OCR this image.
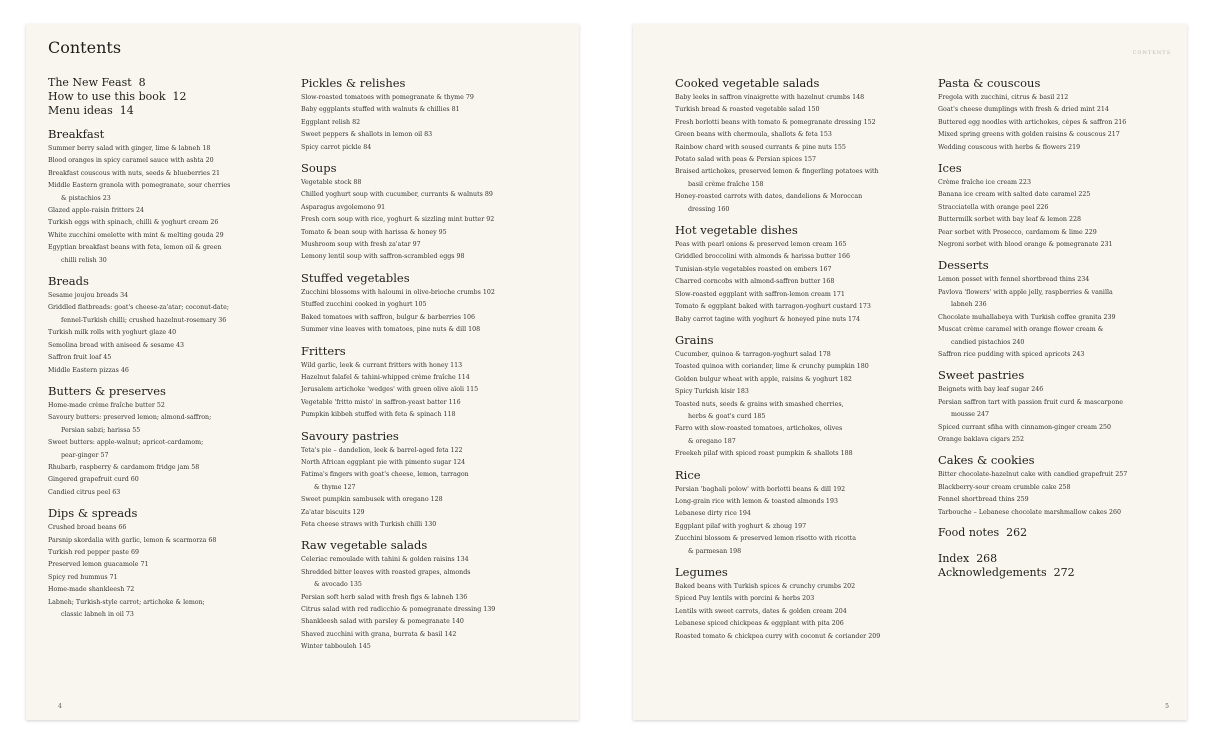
Contents
The New Feast 8
How to use this book 12
Menu ideas 14
Breakfast
Summer berry salad with ginger, lime & labneh 18
Blood oranges in spicy caramel sauce with ashta 20
Breakfast couscous with nuts, seeds & blueberries 21
Middle Eastern granola with pomegranate, sour cherries
& pistachios 23
Glazed apple-raisin fritters 24
Turkish eggs with spinach, chilli & yoghurt cream 26
White zucchini omelette with mint & melting gouda 29
Egyptian breakfast beans with feta, lemon oil & green
chilli relish 30
Breads
Sesame joujou breads 34
Griddled flatbreads: goat's cheese-za'atar; coconut-date;
fennel-Turkish chilli; crushed hazelnut-rosemary 36
Turkish milk rolls with yoghurt glaze 40
Semolina bread with aniseed & sesame 43
Saffron fruit loaf 45
Middle Eastern pizzas 46
Butters & preserves
Home-made crème fraîche butter 52
Savoury butters: preserved lemon; almond-saffron;
Persian sabzi; harissa 55
Sweet butters: apple-walnut; apricot-cardamom;
pear-ginger 57
Rhubarb, raspberry & cardamom fridge jam 58
Gingered grapefruit curd 60
Candied citrus peel 63
Dips & spreads
Crushed broad beans 66
Parsnip skordalia with garlic, lemon & scarmorza 68
Turkish red pepper paste 69
Preserved lemon guacamole 71
Spicy red hummus 71
Home-made shankleesh 72
Labneh; Turkish-style carrot; artichoke & lemon;
classic labneh in oil 73
Pickles & relishes
Slow-roasted tomatoes with pomegranate & thyme 79
Baby eggplants stuffed with walnuts & chillies 81
Eggplant relish 82
Sweet peppers & shallots in lemon oil 83
Spicy carrot pickle 84
Soups
Vegetable stock 88
Chilled yoghurt soup with cucumber, currants & walnuts 89
Asparagus avgolemono 91
Fresh corn soup with rice, yoghurt & sizzling mint butter 92
Tomato & bean soup with harissa & honey 95
Mushroom soup with fresh za'atar 97
Lemony lentil soup with saffron-scrambled eggs 98
Stuffed vegetables
Zucchini blossoms with haloumi in olive-brioche crumbs 102
Stuffed zucchini cooked in yoghurt 105
Baked tomatoes with saffron, bulgur & barberries 106
Summer vine leaves with tomatoes, pine nuts & dill 108
Fritters
Wild garlic, leek & currant fritters with honey 113
Hazelnut falafel & tahini-whipped crème fraîche 114
Jerusalem artichoke 'wedges' with green olive aïoli 115
Vegetable 'fritto misto' in saffron-yeast batter 116
Pumpkin kibbeh stuffed with feta & spinach 118
Savoury pastries
Teta's pie – dandelion, leek & barrel-aged feta 122
North African eggplant pie with pimento sugar 124
Fatima's fingers with goat's cheese, lemon, tarragon
& thyme 127
Sweet pumpkin sambusek with oregano 128
Za'atar biscuits 129
Feta cheese straws with Turkish chilli 130
Raw vegetable salads
Celeriac remoulade with tahini & golden raisins 134
Shredded bitter leaves with roasted grapes, almonds
& avocado 135
Persian soft herb salad with fresh figs & labneh 136
Citrus salad with red radicchio & pomegranate dressing 139
Shankleesh salad with parsley & pomegranate 140
Shaved zucchini with grana, burrata & basil 142
Winter tabbouleh 145
4
CONTENTS
Cooked vegetable salads
Baby leeks in saffron vinaigrette with hazelnut crumbs 148
Turkish bread & roasted vegetable salad 150
Fresh borlotti beans with tomato & pomegranate dressing 152
Green beans with chermoula, shallots & feta 153
Rainbow chard with soused currants & pine nuts 155
Potato salad with peas & Persian spices 157
Braised artichokes, preserved lemon & fingerling potatoes with
basil crème fraîche 158
Honey-roasted carrots with dates, dandelions & Moroccan
dressing 160
Hot vegetable dishes
Peas with pearl onions & preserved lemon cream 165
Griddled broccolini with almonds & harissa butter 166
Tunisian-style vegetables roasted on embers 167
Charred corncobs with almond-saffron butter 168
Slow-roasted eggplant with saffron-lemon cream 171
Tomato & eggplant baked with tarragon-yoghurt custard 173
Baby carrot tagine with yoghurt & honeyed pine nuts 174
Grains
Cucumber, quinoa & tarragon-yoghurt salad 178
Toasted quinoa with coriander, lime & crunchy pumpkin 180
Golden bulgur wheat with apple, raisins & yoghurt 182
Spicy Turkish kisir 183
Toasted nuts, seeds & grains with smashed cherries,
herbs & goat's curd 185
Farro with slow-roasted tomatoes, artichokes, olives
& oregano 187
Freekeh pilaf with spiced roast pumpkin & shallots 188
Rice
Persian 'baghali polow' with borlotti beans & dill 192
Long-grain rice with lemon & toasted almonds 193
Lebanese dirty rice 194
Eggplant pilaf with yoghurt & zhoug 197
Zucchini blossom & preserved lemon risotto with ricotta
& parmesan 198
Legumes
Baked beans with Turkish spices & crunchy crumbs 202
Spiced Puy lentils with porcini & herbs 203
Lentils with sweet carrots, dates & golden cream 204
Lebanese spiced chickpeas & eggplant with pita 206
Roasted tomato & chickpea curry with coconut & coriander 209
Pasta & couscous
Fregola with zucchini, citrus & basil 212
Goat's cheese dumplings with fresh & dried mint 214
Buttered egg noodles with artichokes, cèpes & saffron 216
Mixed spring greens with golden raisins & couscous 217
Wedding couscous with herbs & flowers 219
Ices
Crème fraîche ice cream 223
Banana ice cream with salted date caramel 225
Stracciatella with orange peel 226
Buttermilk sorbet with bay leaf & lemon 228
Pear sorbet with Prosecco, cardamom & lime 229
Negroni sorbet with blood orange & pomegranate 231
Desserts
Lemon posset with fennel shortbread thins 234
Pavlova 'flowers' with apple jelly, raspberries & vanilla
labneh 236
Chocolate muhallabeya with Turkish coffee granita 239
Muscat crème caramel with orange flower cream &
candied pistachios 240
Saffron rice pudding with spiced apricots 243
Sweet pastries
Beignets with bay leaf sugar 246
Persian saffron tart with passion fruit curd & mascarpone
mousse 247
Spiced currant sfiha with cinnamon-ginger cream 250
Orange baklava cigars 252
Cakes & cookies
Bitter chocolate-hazelnut cake with candied grapefruit 257
Blackberry-sour cream crumble cake 258
Fennel shortbread thins 259
Tarbouche – Lebanese chocolate marshmallow cakes 260
Food notes 262
Index 268
Acknowledgements 272
5
